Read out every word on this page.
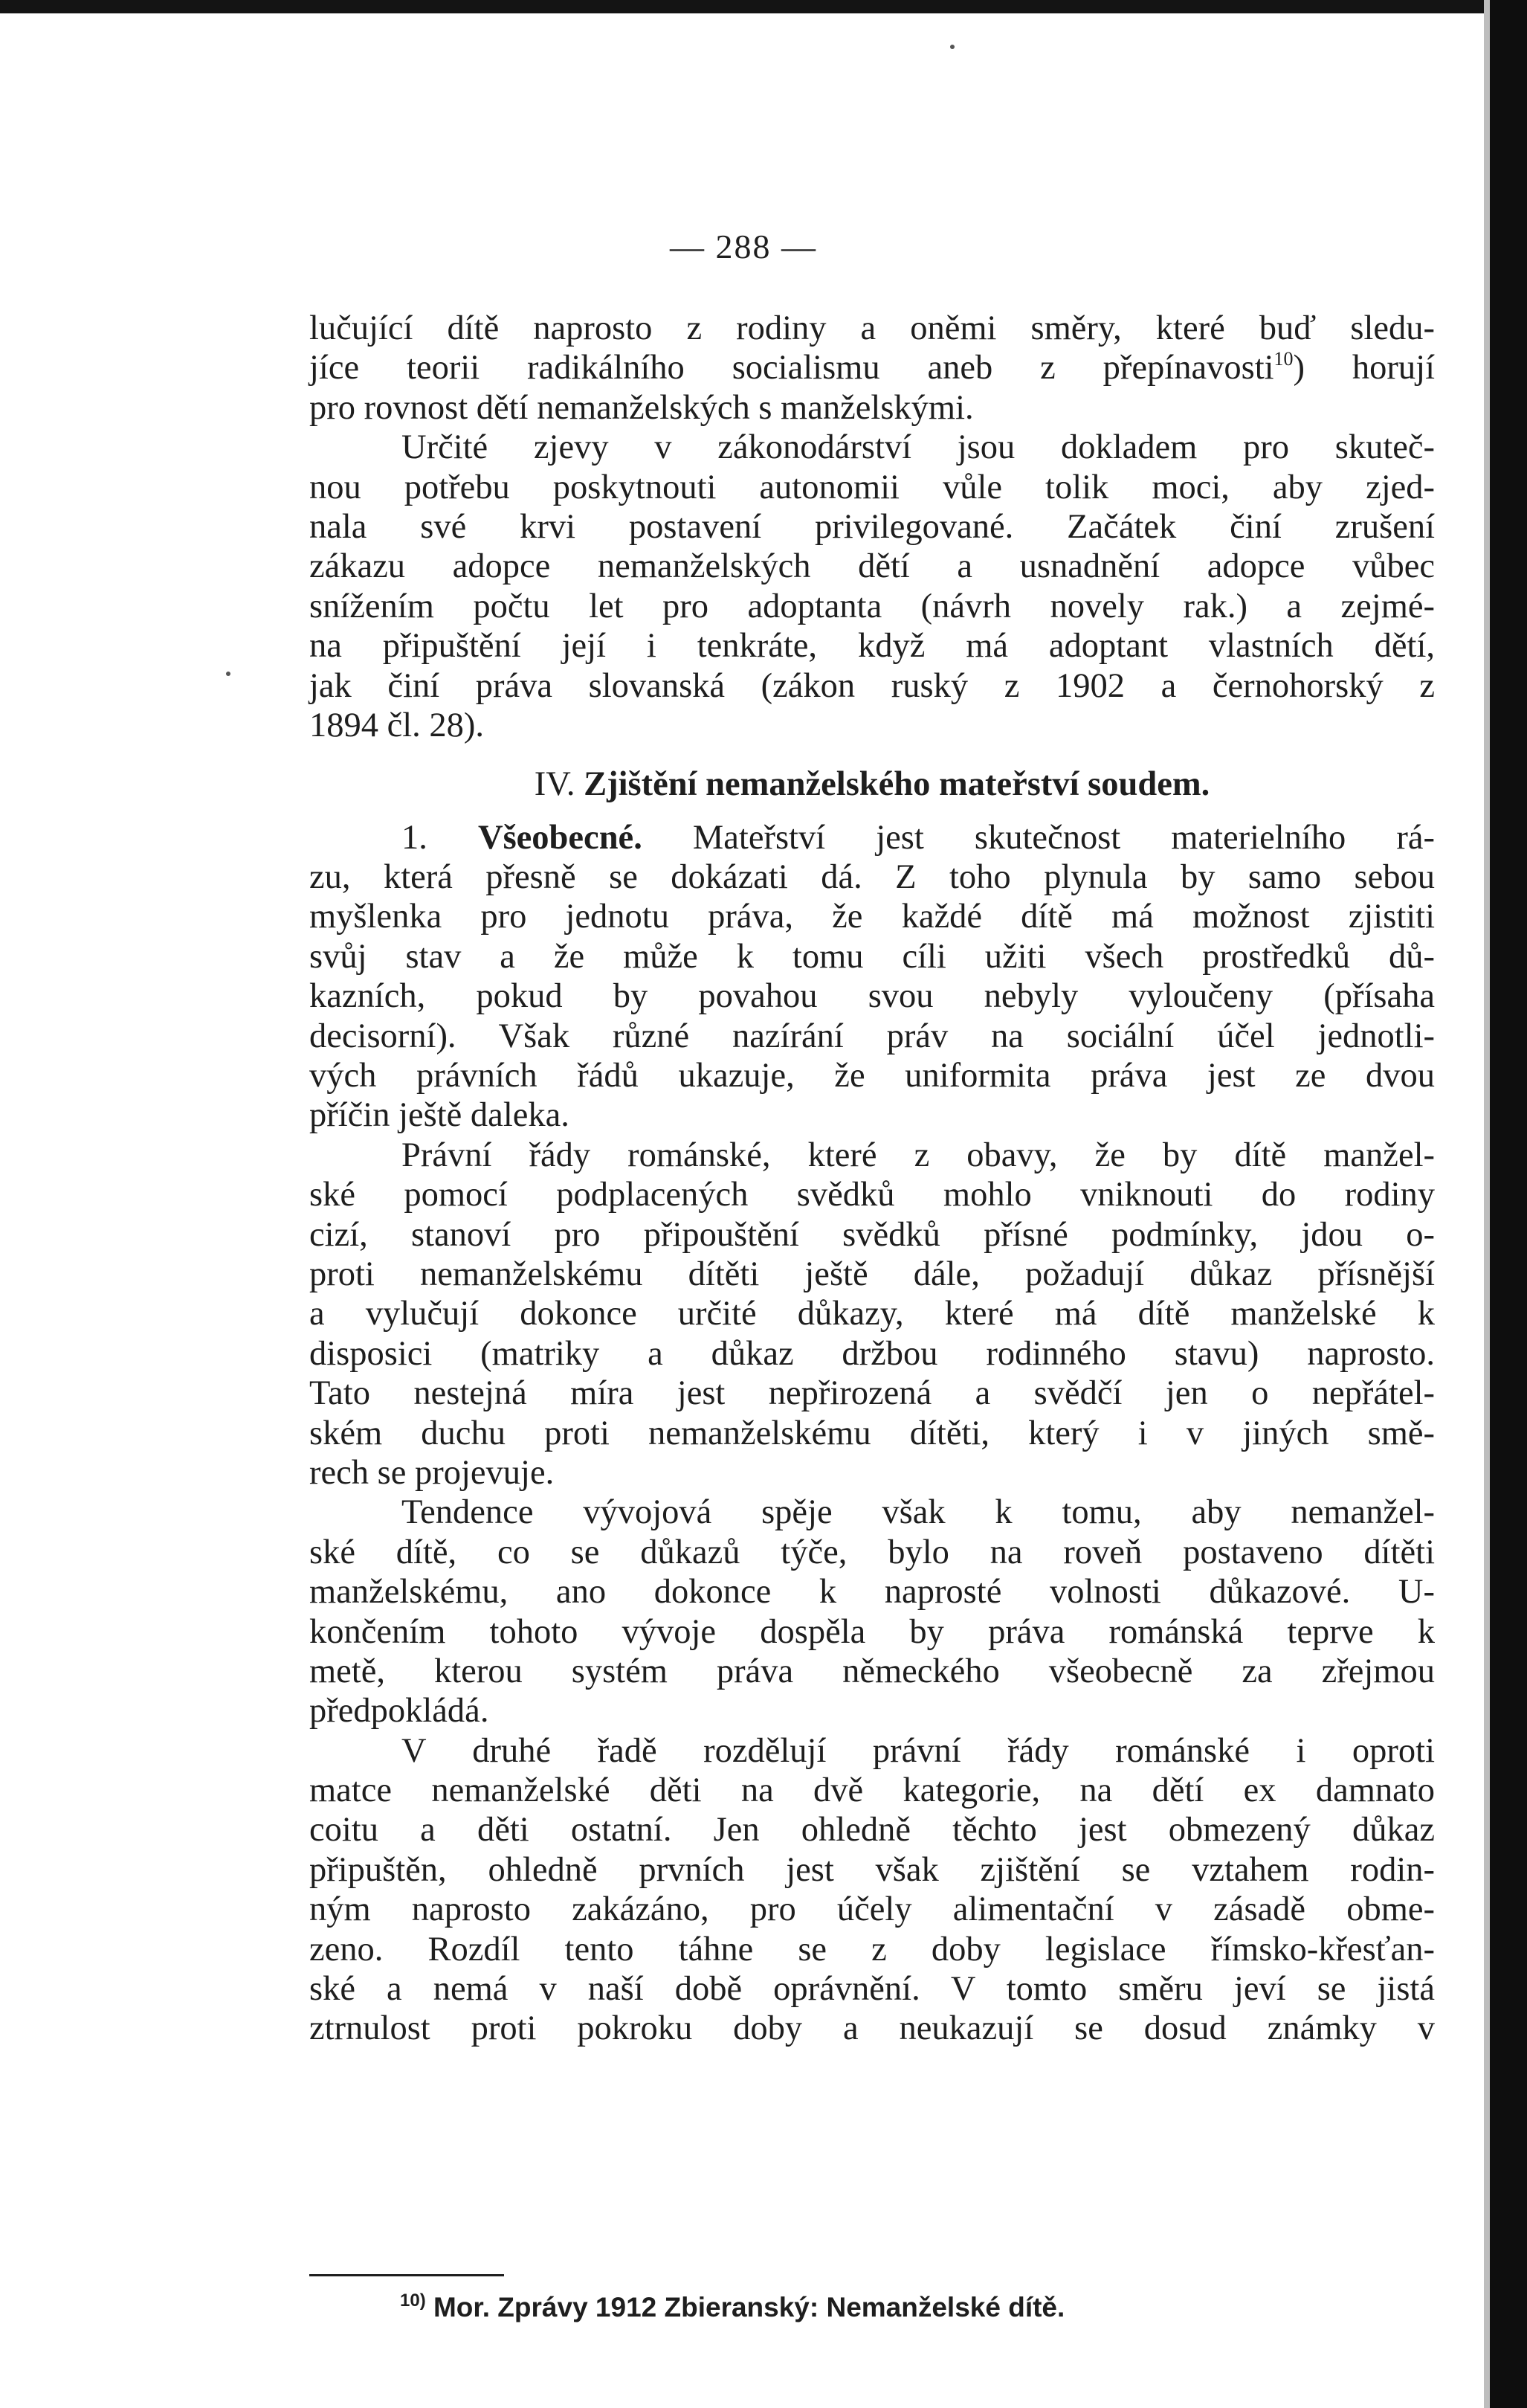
— 288 —
lučující dítě naprosto z rodiny a oněmi směry, které buď sledu-
jíce teorii radikálního socialismu aneb z přepínavosti$^{10}$) horují
pro rovnost dětí nemanželských s manželskými.
Určité zjevy v zákonodárství jsou dokladem pro skuteč-
nou potřebu poskytnouti autonomii vůle tolik moci, aby zjed-
nala své krvi postavení privilegované. Začátek činí zrušení
zákazu adopce nemanželských dětí a usnadnění adopce vůbec
snížením počtu let pro adoptanta (návrh novely rak.) a zejmé-
na připuštění její i tenkráte, když má adoptant vlastních dětí,
jak činí práva slovanská (zákon ruský z 1902 a černohorský z
1894 čl. 28).
IV. Zjištění nemanželského mateřství soudem.
1. Všeobecné. Mateřství jest skutečnost materielního rá-
zu, která přesně se dokázati dá. Z toho plynula by samo sebou
myšlenka pro jednotu práva, že každé dítě má možnost zjistiti
svůj stav a že může k tomu cíli užiti všech prostředků dů-
kazních, pokud by povahou svou nebyly vyloučeny (přísaha
decisorní). Však různé nazírání práv na sociální účel jednotli-
vých právních řádů ukazuje, že uniformita práva jest ze dvou
příčin ještě daleka.
Právní řády románské, které z obavy, že by dítě manžel-
ské pomocí podplacených svědků mohlo vniknouti do rodiny
cizí, stanoví pro připouštění svědků přísné podmínky, jdou o-
proti nemanželskému dítěti ještě dále, požadují důkaz přísnější
a vylučují dokonce určité důkazy, které má dítě manželské k
disposici (matriky a důkaz držbou rodinného stavu) naprosto.
Tato nestejná míra jest nepřirozená a svědčí jen o nepřátel-
ském duchu proti nemanželskému dítěti, který i v jiných smě-
rech se projevuje.
Tendence vývojová spěje však k tomu, aby nemanžel-
ské dítě, co se důkazů týče, bylo na roveň postaveno dítěti
manželskému, ano dokonce k naprosté volnosti důkazové. U-
končením tohoto vývoje dospěla by práva románská teprve k
metě, kterou systém práva německého všeobecně za zřejmou
předpokládá.
V druhé řadě rozdělují právní řády románské i oproti
matce nemanželské děti na dvě kategorie, na dětí ex damnato
coitu a děti ostatní. Jen ohledně těchto jest obmezený důkaz
připuštěn, ohledně prvních jest však zjištění se vztahem rodin-
ným naprosto zakázáno, pro účely alimentační v zásadě obme-
zeno. Rozdíl tento táhne se z doby legislace římsko-křesťan-
ské a nemá v naší době oprávnění. V tomto směru jeví se jistá
ztrnulost proti pokroku doby a neukazují se dosud známky v
$^{10)}$ Mor. Zprávy 1912 Zbieranský: Nemanželské dítě.
